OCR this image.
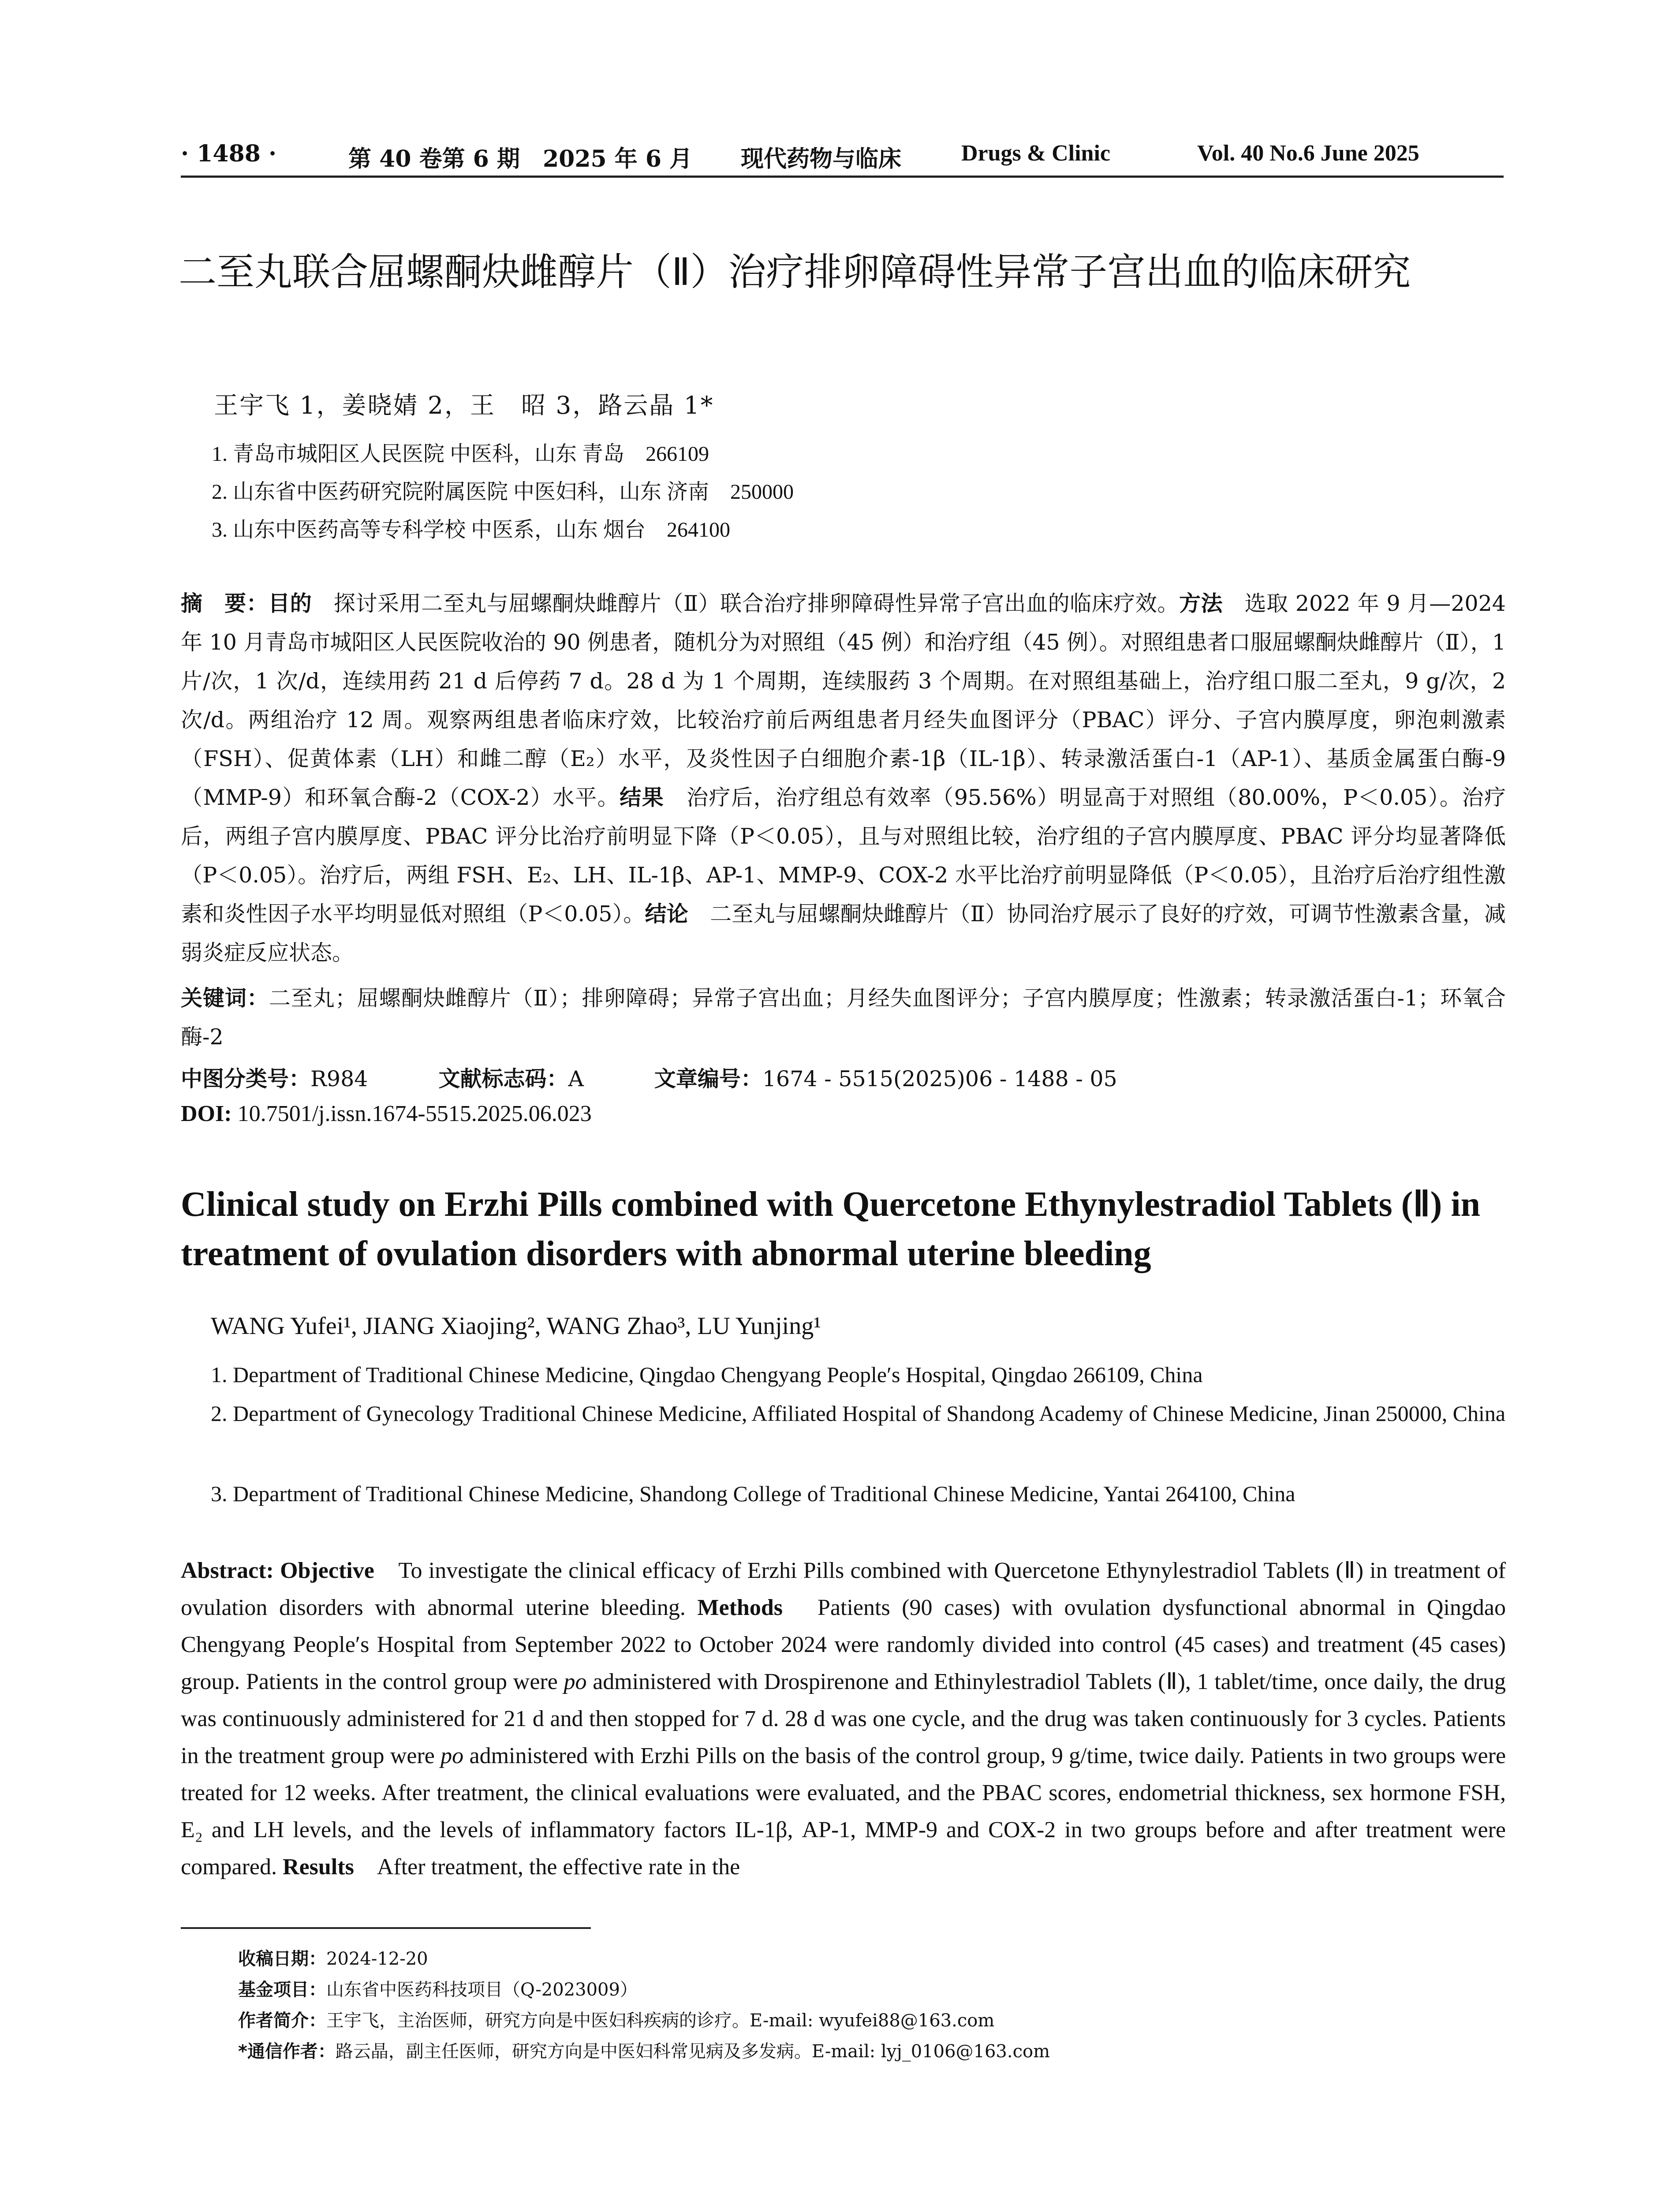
· 1488 ·	第 40 卷第 6 期　2025 年 6 月 现代药物与临床	Drugs & Clinic	Vol. 40 No.6 June 2025
二至丸联合屈螺酮炔雌醇片（Ⅱ）治疗排卵障碍性异常子宫出血的临床研究
王宇飞 1，姜晓婧 2，王　昭 3，路云晶 1*
1. 青岛市城阳区人民医院 中医科，山东 青岛　266109
2. 山东省中医药研究院附属医院 中医妇科，山东 济南　250000
3. 山东中医药高等专科学校 中医系，山东 烟台　264100
摘　要：目的　 探讨采用二至丸与屈螺酮炔雌醇片（Ⅱ）联合治疗排卵障碍性异常子宫出血的临床疗效。方法　 选取 2022 年 9 月—2024 年 10 月青岛市城阳区人民医院收治的 90 例患者，随机分为对照组（45 例）和治疗组（45 例）。对照组患者口服屈螺酮炔雌醇片（Ⅱ），1 片/次，1 次/d，连续用药 21 d 后停药 7 d。28 d 为 1 个周期，连续服药 3 个周期。在对照组基础上，治疗组口服二至丸，9 g/次，2 次/d。两组治疗 12 周。观察两组患者临床疗效，比较治疗前后两组患者月经失血图评分（PBAC）评分、子宫内膜厚度，卵泡刺激素（FSH）、促黄体素（LH）和雌二醇（E₂）水平，及炎性因子白细胞介素-1β（IL-1β）、转录激活蛋白-1（AP-1）、基质金属蛋白酶-9（MMP-9）和环氧合酶-2（COX-2）水平。结果　 治疗后，治疗组总有效率（95.56%）明显高于对照组（80.00%，P＜0.05）。治疗后，两组子宫内膜厚度、PBAC 评分比治疗前明显下降（P＜0.05），且与对照组比较，治疗组的子宫内膜厚度、PBAC 评分均显著降低（P＜0.05）。治疗后，两组 FSH、E₂、LH、IL-1β、AP-1、MMP-9、COX-2 水平比治疗前明显降低（P＜0.05），且治疗后治疗组性激素和炎性因子水平均明显低对照组（P＜0.05）。结论　 二至丸与屈螺酮炔雌醇片（Ⅱ）协同治疗展示了良好的疗效，可调节性激素含量，减弱炎症反应状态。
关键词：二至丸；屈螺酮炔雌醇片（Ⅱ）；排卵障碍；异常子宫出血；月经失血图评分；子宫内膜厚度；性激素；转录激活蛋白-1；环氧合酶-2
中图分类号：R984	文献标志码：A	文章编号：1674 - 5515(2025)06 - 1488 - 05
DOI: 10.7501/j.issn.1674-5515.2025.06.023
Clinical study on Erzhi Pills combined with Quercetone Ethynylestradiol Tablets (Ⅱ) in treatment of ovulation disorders with abnormal uterine bleeding
WANG Yufei¹, JIANG Xiaojing², WANG Zhao³, LU Yunjing¹
1. Department of Traditional Chinese Medicine, Qingdao Chengyang People′s Hospital, Qingdao 266109, China
2. Department of Gynecology Traditional Chinese Medicine, Affiliated Hospital of Shandong Academy of Chinese Medicine, Jinan 250000, China
3. Department of Traditional Chinese Medicine, Shandong College of Traditional Chinese Medicine, Yantai 264100, China
Abstract: Objective　 To investigate the clinical efficacy of Erzhi Pills combined with Quercetone Ethynylestradiol Tablets (Ⅱ) in treatment of ovulation disorders with abnormal uterine bleeding. Methods　 Patients (90 cases) with ovulation dysfunctional abnormal in Qingdao Chengyang People′s Hospital from September 2022 to October 2024 were randomly divided into control (45 cases) and treatment (45 cases) group. Patients in the control group were po administered with Drospirenone and Ethinylestradiol Tablets (Ⅱ), 1 tablet/time, once daily, the drug was continuously administered for 21 d and then stopped for 7 d. 28 d was one cycle, and the drug was taken continuously for 3 cycles. Patients in the treatment group were po administered with Erzhi Pills on the basis of the control group, 9 g/time, twice daily. Patients in two groups were treated for 12 weeks. After treatment, the clinical evaluations were evaluated, and the PBAC scores, endometrial thickness, sex hormone FSH, E₂ and LH levels, and the levels of inflammatory factors IL-1β, AP-1, MMP-9 and COX-2 in two groups before and after treatment were compared. Results　 After treatment, the effective rate in the
收稿日期：2024-12-20
基金项目：山东省中医药科技项目（Q-2023009）
作者简介：王宇飞，主治医师，研究方向是中医妇科疾病的诊疗。E-mail: wyufei88@163.com
*通信作者：路云晶，副主任医师，研究方向是中医妇科常见病及多发病。E-mail: lyj_0106@163.com
